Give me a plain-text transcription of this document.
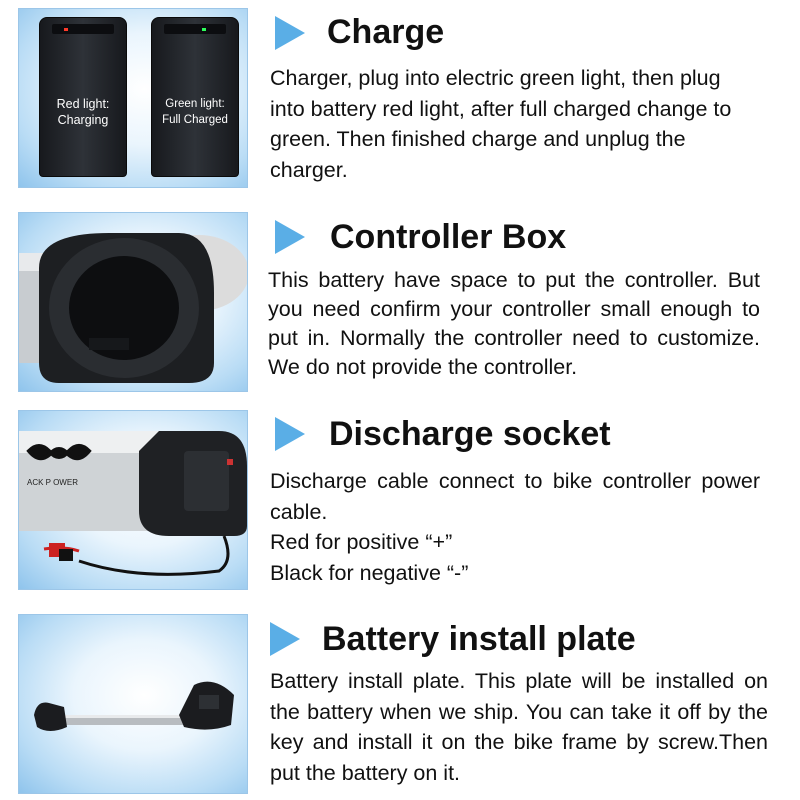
Red light:
Charging
Green light:
Full Charged
Charge
Charger, plug into electric green light, then plug into battery red light, after full charged change to green. Then finished charge and unplug the charger.
Controller Box
This battery have space to put the controller. But you need confirm your controller small enough to put in. Normally the controller need to customize. We do not provide the controller.
ACK P OWER
Discharge socket
Discharge cable connect to bike controller power cable.
Red for positive “+”
Black for negative “-”
Battery install plate
Battery install plate. This plate will be installed on the battery when we ship. You can take it off by the key and install it on the bike frame by screw.Then put the battery on it.
